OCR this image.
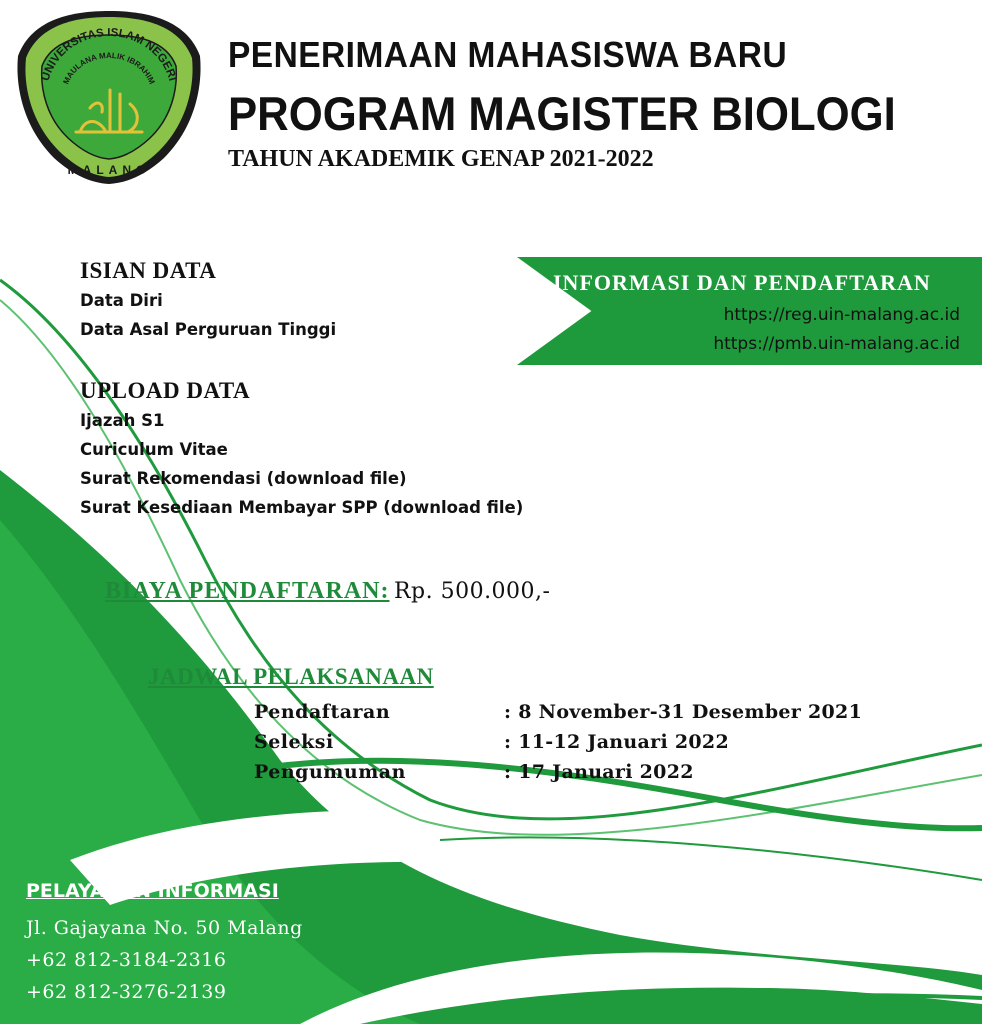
UNIVERSITAS ISLAM NEGERI
MAULANA MALIK IBRAHIM
MALANG
PENERIMAAN MAHASISWA BARU
PROGRAM MAGISTER BIOLOGI
TAHUN AKADEMIK GENAP 2021-2022
INFORMASI DAN PENDAFTARAN
https://reg.uin-malang.ac.id
https://pmb.uin-malang.ac.id
ISIAN DATA
Data Diri
Data Asal Perguruan Tinggi
UPLOAD DATA
Ijazah S1
Curiculum Vitae
Surat Rekomendasi (download file)
Surat Kesediaan Membayar SPP (download file)
BIAYA PENDAFTARAN: Rp. 500.000,-
JADWAL PELAKSANAAN
Pendaftaran	: 8 November-31 Desember 2021
Seleksi	: 11-12 Januari 2022
Pengumuman	: 17 Januari 2022
PELAYANAN INFORMASI
Jl. Gajayana No. 50 Malang
+62 812-3184-2316
+62 812-3276-2139
